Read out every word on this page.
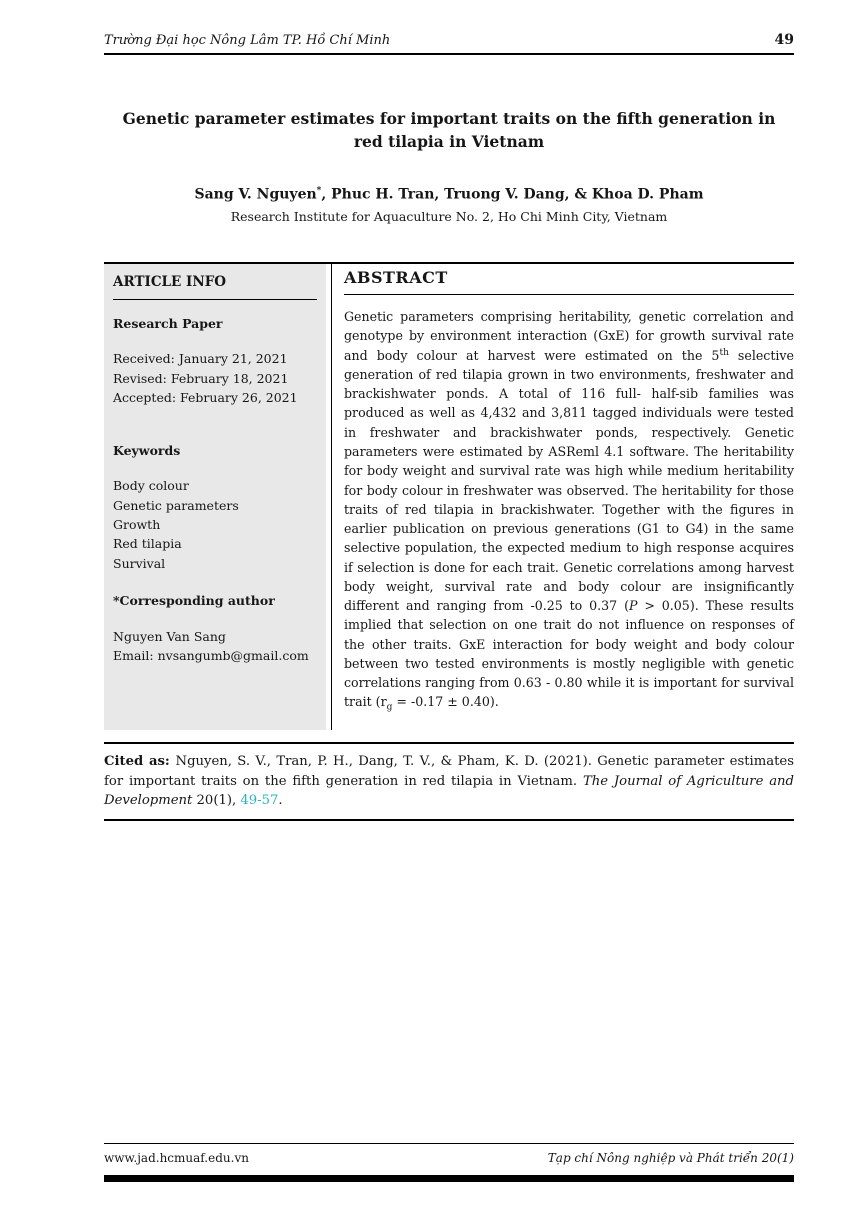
Trường Đại học Nông Lâm TP. Hồ Chí Minh	49
Genetic parameter estimates for important traits on the fifth generation in red tilapia in Vietnam
Sang V. Nguyen*, Phuc H. Tran, Truong V. Dang, & Khoa D. Pham
Research Institute for Aquaculture No. 2, Ho Chi Minh City, Vietnam
ARTICLE INFO
Research Paper
Received: January 21, 2021
Revised: February 18, 2021
Accepted: February 26, 2021
Keywords
Body colour
Genetic parameters
Growth
Red tilapia
Survival
*Corresponding author
Nguyen Van Sang
Email: nvsangumb@gmail.com
ABSTRACT

Genetic parameters comprising heritability, genetic correlation and genotype by environment interaction (GxE) for growth survival rate and body colour at harvest were estimated on the 5th selective generation of red tilapia grown in two environments, freshwater and brackishwater ponds. A total of 116 full- half-sib families was produced as well as 4,432 and 3,811 tagged individuals were tested in freshwater and brackishwater ponds, respectively. Genetic parameters were estimated by ASReml 4.1 software. The heritability for body weight and survival rate was high while medium heritability for body colour in freshwater was observed. The heritability for those traits of red tilapia in brackishwater. Together with the figures in earlier publication on previous generations (G1 to G4) in the same selective population, the expected medium to high response acquires if selection is done for each trait. Genetic correlations among harvest body weight, survival rate and body colour are insignificantly different and ranging from -0.25 to 0.37 (P > 0.05). These results implied that selection on one trait do not influence on responses of the other traits. GxE interaction for body weight and body colour between two tested environments is mostly negligible with genetic correlations ranging from 0.63 - 0.80 while it is important for survival trait $(r_g = -0.17 \pm 0.40)$.

Cited as: Nguyen, S. V., Tran, P. H., Dang, T. V., & Pham, K. D. (2021). Genetic parameter estimates for important traits on the fifth generation in red tilapia in Vietnam. The Journal of Agriculture and Development 20(1), 49-57.

www.jad.hcmuaf.edu.vn	Tạp chí Nông nghiệp và Phát triển 20(1)
